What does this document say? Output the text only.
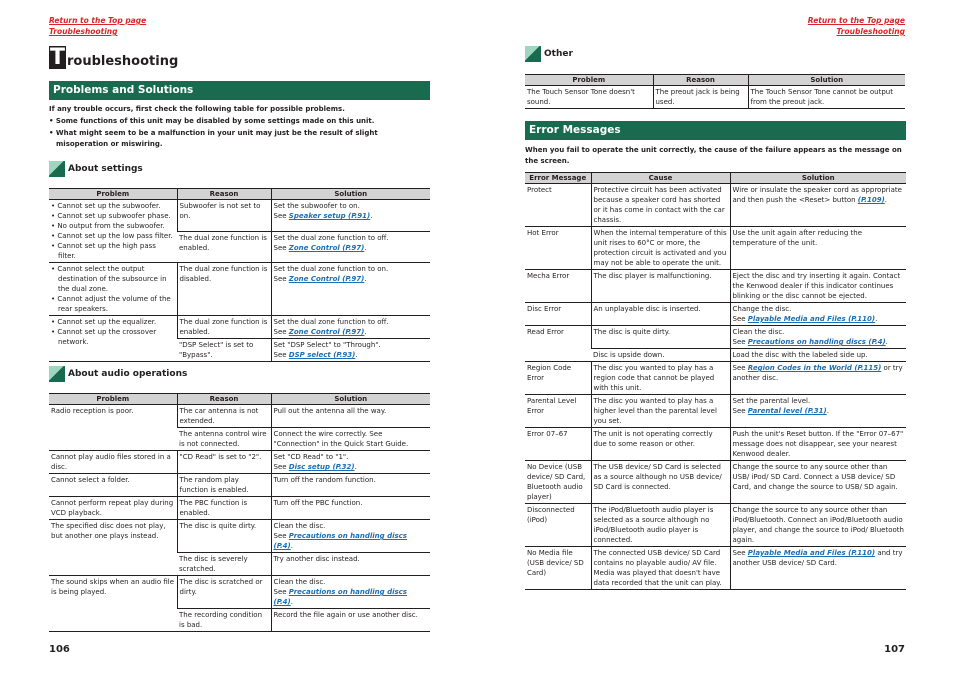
Return to the Top page
Troubleshooting
T roubleshooting
Problems and Solutions

If any trouble occurs, first check the following table for possible problems.

• Some functions of this unit may be disabled by some settings made on this unit.

• What might seem to be a malfunction in your unit may just be the result of slight misoperation or miswiring.

About settings
Problem	Reason	Solution

• Cannot set up the subwoofer.
• Cannot set up subwoofer phase.
• No output from the subwoofer.
• Cannot set up the low pass filter.
• Cannot set up the high pass filter.	Subwoofer is not set to on.	Set the subwoofer to on.
See Speaker setup (P.91).
	The dual zone function is enabled.	Set the dual zone function to off.
See Zone Control (P.97).

• Cannot select the output destination of the subsource in the dual zone.
• Cannot adjust the volume of the rear speakers.	The dual zone function is disabled.	Set the dual zone function to on.
See Zone Control (P.97).

• Cannot set up the equalizer.
• Cannot set up the crossover network.	The dual zone function is enabled.	Set the dual zone function to off.
See Zone Control (P.97).
	"DSP Select" is set to "Bypass".	Set "DSP Select" to "Through".
See DSP select (P.93).
About audio operations
Problem	Reason	Solution
Radio reception is poor.	The car antenna is not extended.	Pull out the antenna all the way.
	The antenna control wire is not connected.	Connect the wire correctly. See "Connection" in the Quick Start Guide.
Cannot play audio files stored in a disc.	"CD Read" is set to "2".	Set "CD Read" to "1".
See Disc setup (P.32).
Cannot select a folder.	The random play function is enabled.	Turn off the random function.
Cannot perform repeat play during VCD playback.	The PBC function is enabled.	Turn off the PBC function.
The specified disc does not play, but another one plays instead.	The disc is quite dirty.	Clean the disc.
See Precautions on handling discs (P.4).
	The disc is severely scratched.	Try another disc instead.
The sound skips when an audio file is being played.	The disc is scratched or dirty.	Clean the disc.
See Precautions on handling discs (P.4).
	The recording condition is bad.	Record the file again or use another disc.
106
Return to the Top page
Troubleshooting
Other
Problem	Reason	Solution
The Touch Sensor Tone doesn't sound.	The preout jack is being used.	The Touch Sensor Tone cannot be output from the preout jack.
Error Messages
When you fail to operate the unit correctly, the cause of the failure appears as the message on the screen.
Error Message	Cause	Solution
Protect	Protective circuit has been activated because a speaker cord has shorted or it has come in contact with the car chassis.	Wire or insulate the speaker cord as appropriate and then push the <Reset> button (P.109).
Hot Error	When the internal temperature of this unit rises to 60°C or more, the protection circuit is activated and you may not be able to operate the unit.	Use the unit again after reducing the temperature of the unit.
Mecha Error	The disc player is malfunctioning.	Eject the disc and try inserting it again. Contact the Kenwood dealer if this indicator continues blinking or the disc cannot be ejected.
Disc Error	An unplayable disc is inserted.	Change the disc.
See Playable Media and Files (P.110).
Read Error	The disc is quite dirty.	Clean the disc.
See Precautions on handling discs (P.4).
	Disc is upside down.	Load the disc with the labeled side up.
Region Code Error	The disc you wanted to play has a region code that cannot be played with this unit.	See Region Codes in the World (P.115) or try another disc.
Parental Level Error	The disc you wanted to play has a higher level than the parental level you set.	Set the parental level.
See Parental level (P.31).
Error 07–67	The unit is not operating correctly due to some reason or other.	Push the unit's Reset button. If the "Error 07–67" message does not disappear, see your nearest Kenwood dealer.
No Device (USB device/ SD Card, Bluetooth audio player)	The USB device/ SD Card is selected as a source although no USB device/ SD Card is connected.	Change the source to any source other than USB/ iPod/ SD Card. Connect a USB device/ SD Card, and change the source to USB/ SD again.
Disconnected (iPod)	The iPod/Bluetooth audio player is selected as a source although no iPod/Bluetooth audio player is connected.	Change the source to any source other than iPod/Bluetooth. Connect an iPod/Bluetooth audio player, and change the source to iPod/ Bluetooth again.
No Media file (USB device/ SD Card)	The connected USB device/ SD Card contains no playable audio/ AV file. Media was played that doesn't have data recorded that the unit can play.	See Playable Media and Files (P.110) and try another USB device/ SD Card.
107
